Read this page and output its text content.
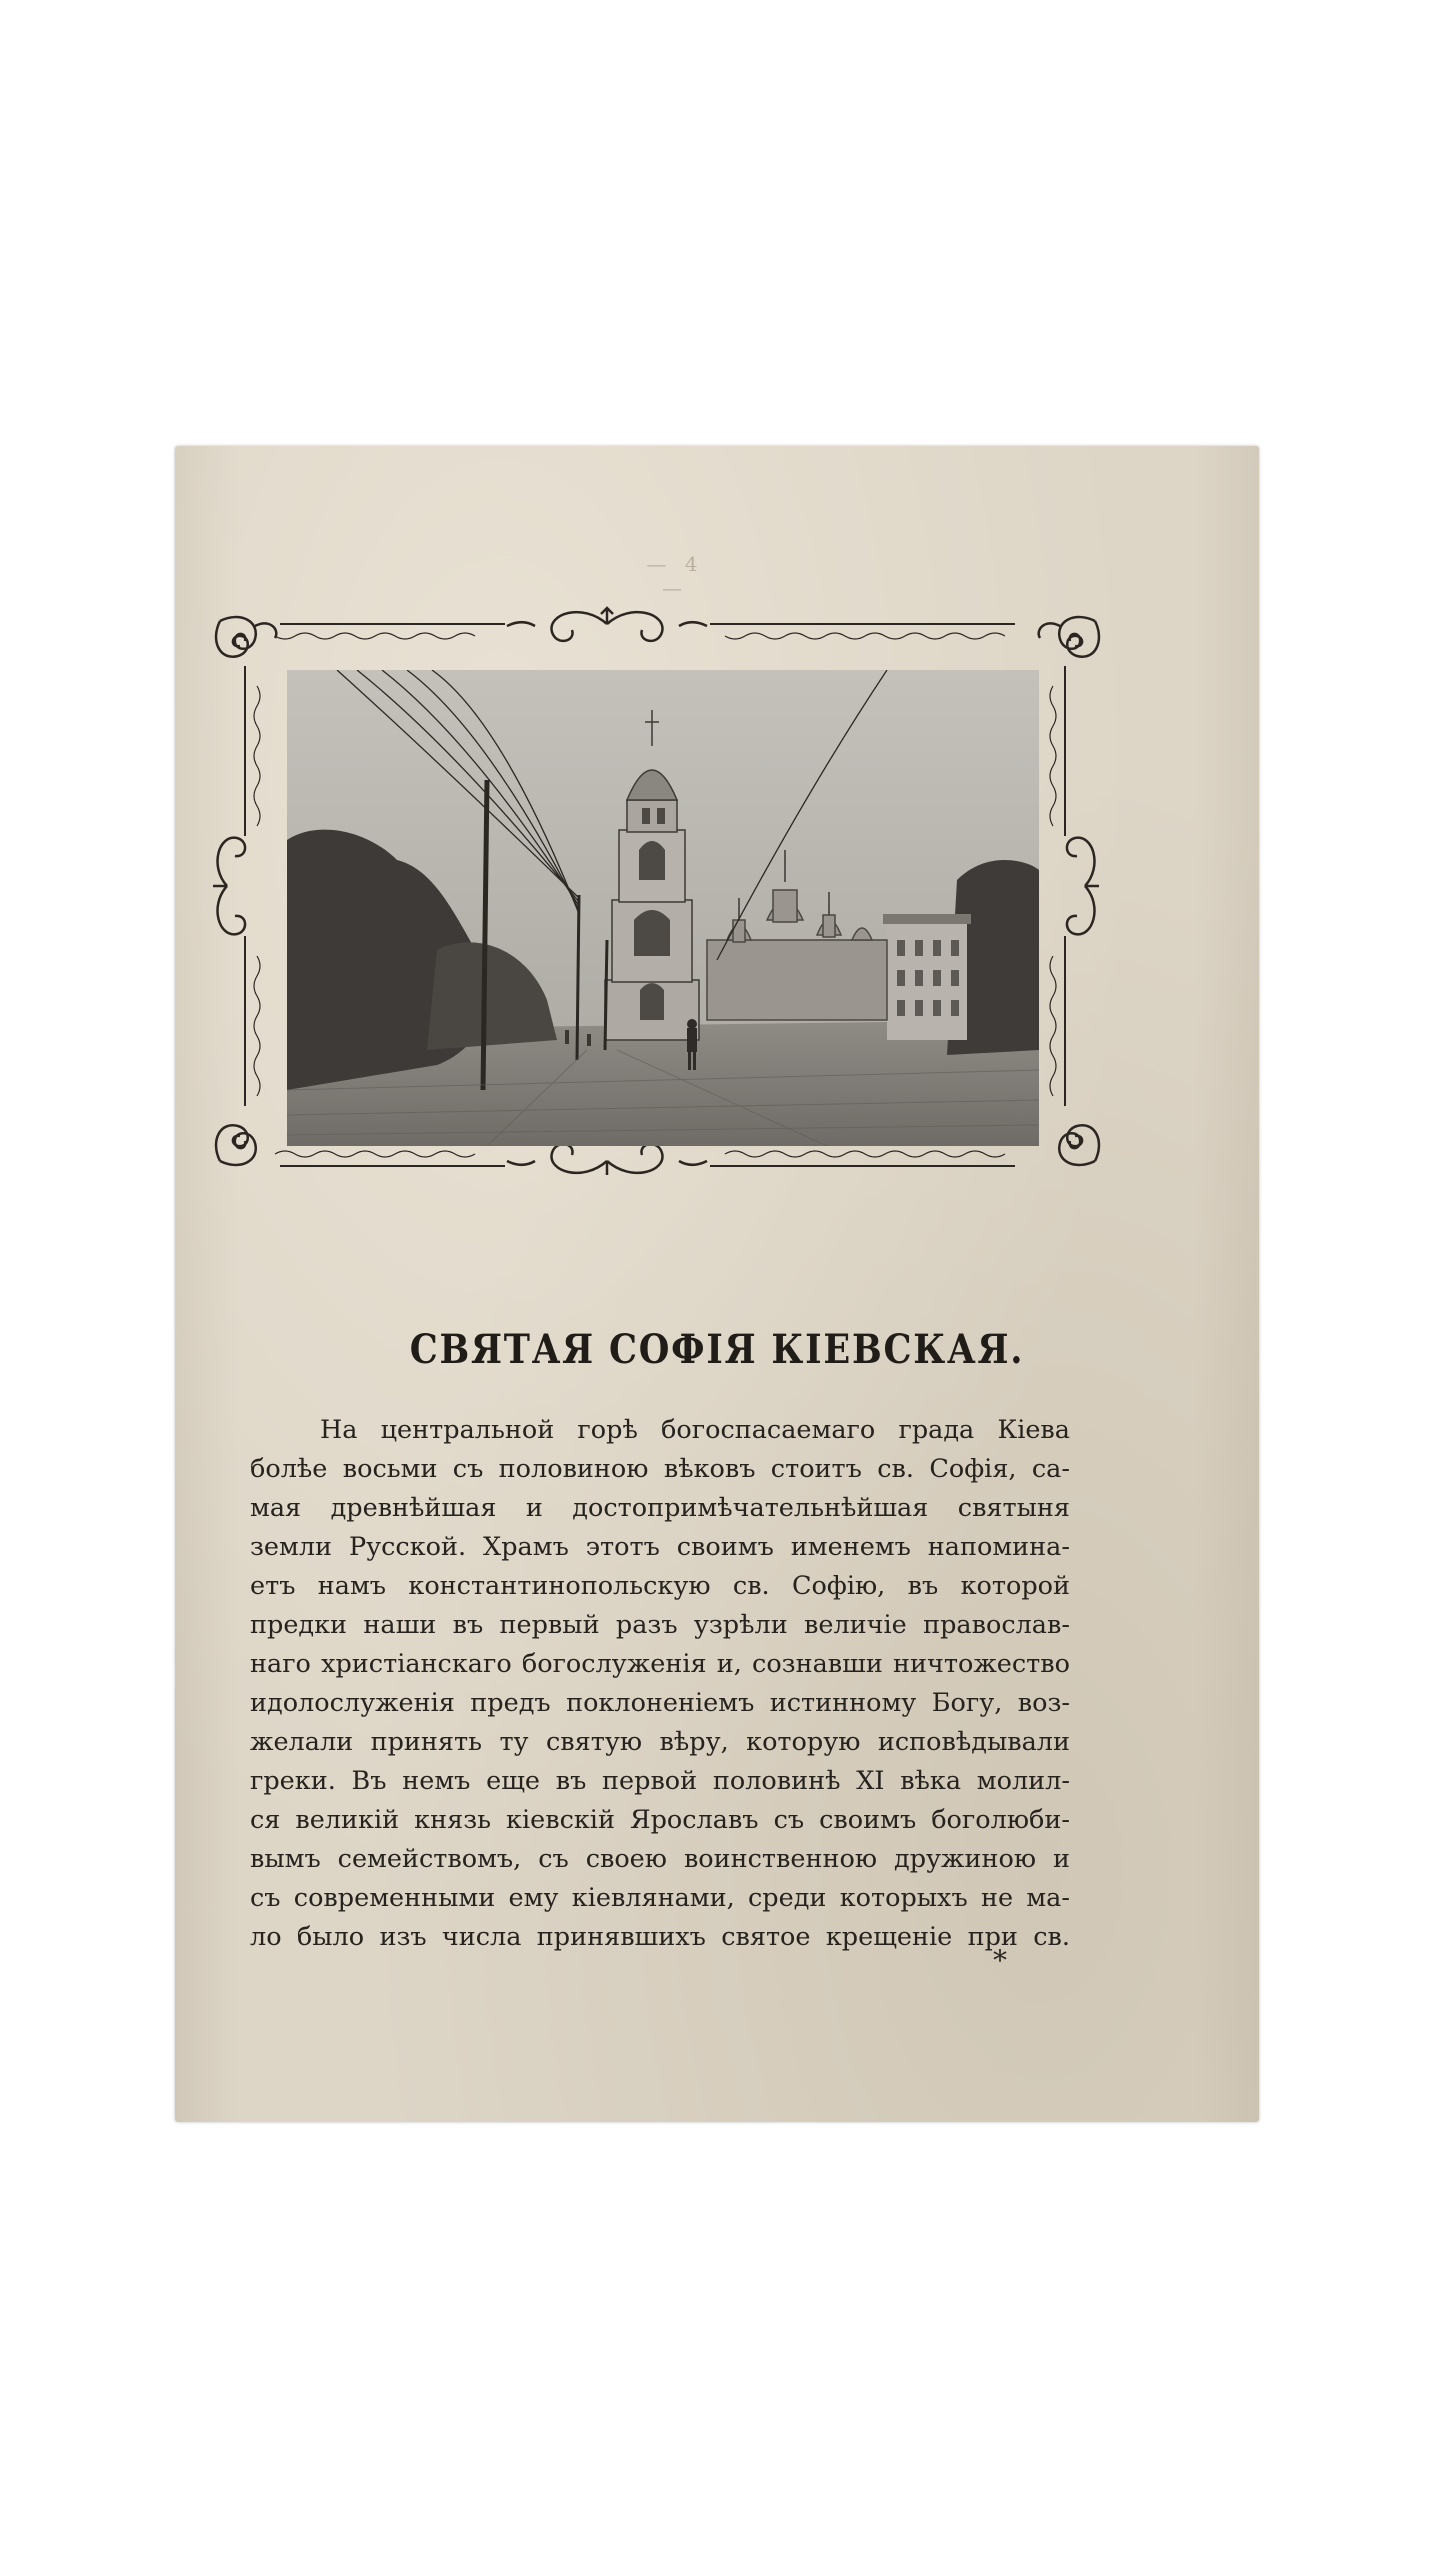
— 4 —
СВЯТАЯ СОФІЯ КІЕВСКАЯ.
На центральной горѣ богоспасаемаго града Кіева
болѣе восьми съ половиною вѣковъ стоитъ св. Софія, са-
мая древнѣйшая и достопримѣчательнѣйшая святыня
земли Русской. Храмъ этотъ своимъ именемъ напомина-
етъ намъ константинопольскую св. Софію, въ которой
предки наши въ первый разъ узрѣли величіе православ-
наго христіанскаго богослуженія и, сознавши ничтожество
идолослуженія предъ поклоненіемъ истинному Богу, воз-
желали принять ту святую вѣру, которую исповѣдывали
греки. Въ немъ еще въ первой половинѣ XI вѣка молил-
ся великій князь кіевскій Ярославъ съ своимъ боголюби-
вымъ семействомъ, съ своею воинственною дружиною и
съ современными ему кіевлянами, среди которыхъ не ма-
ло было изъ числа принявшихъ святое крещеніе при св.
*
